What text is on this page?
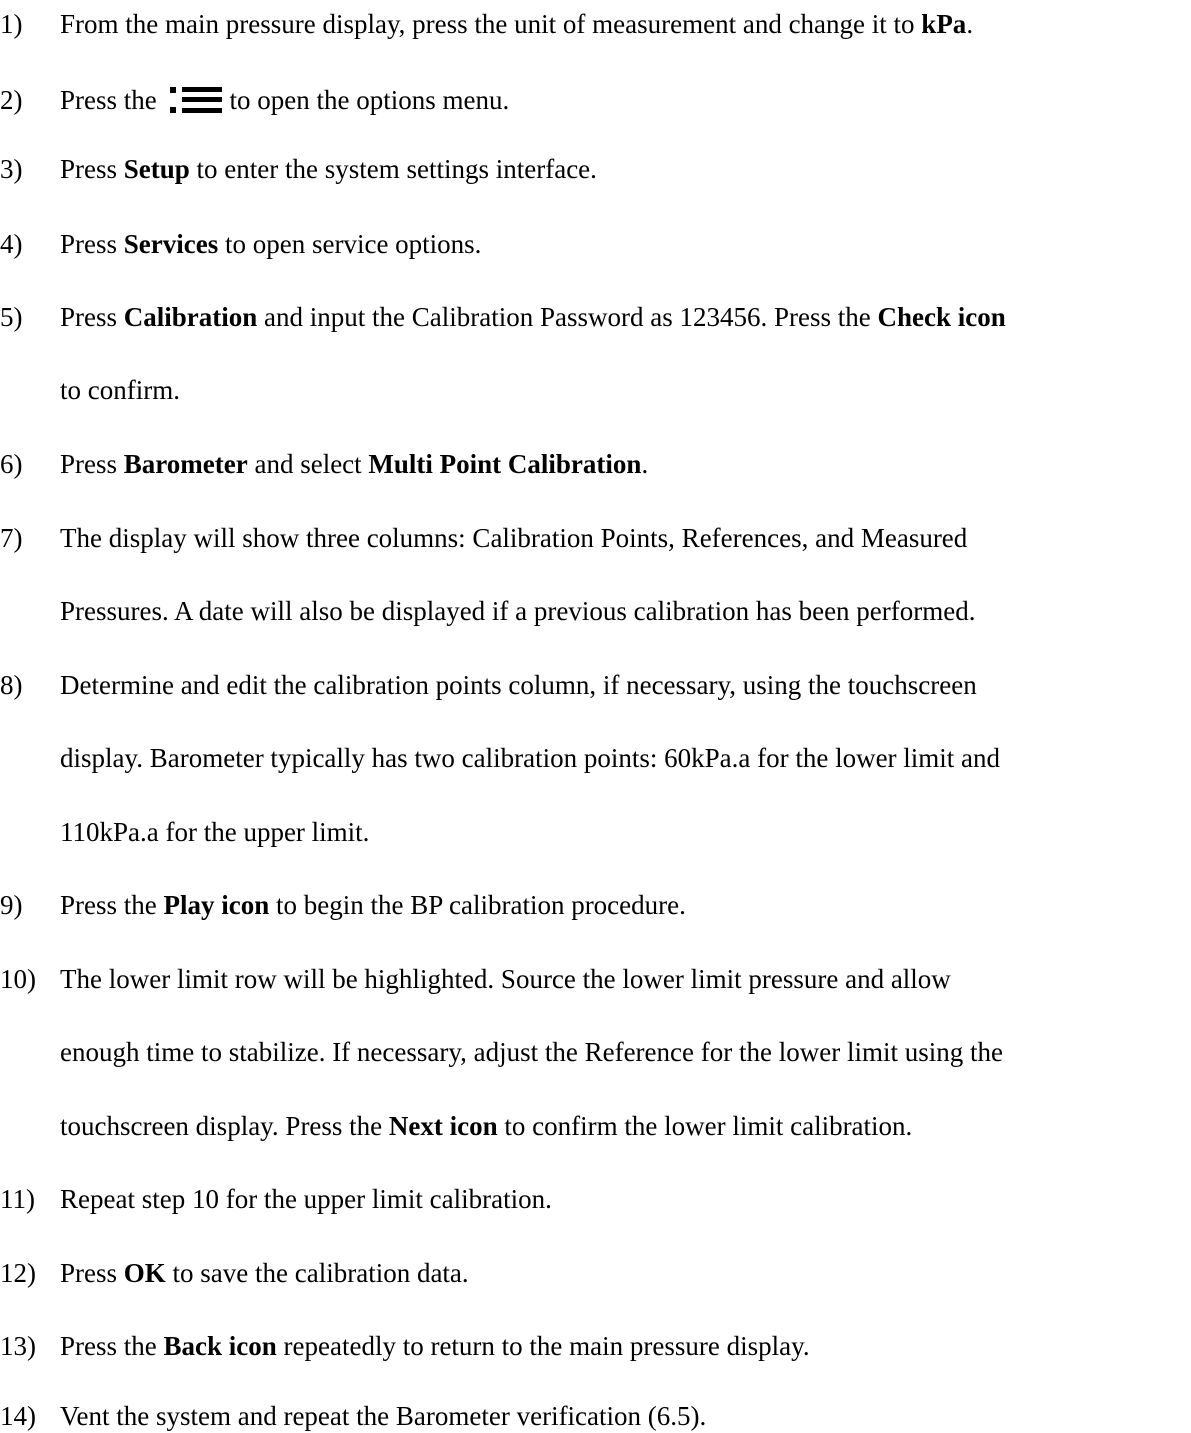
1) From the main pressure display, press the unit of measurement and change it to kPa.
2) Press the
to open the options menu.
3) Press Setup to enter the system settings interface.
4) Press Services to open service options.
5) Press Calibration and input the Calibration Password as 123456. Press the Check icon
to confirm.
6) Press Barometer and select Multi Point Calibration.
7) The display will show three columns: Calibration Points, References, and Measured
Pressures. A date will also be displayed if a previous calibration has been performed.
8) Determine and edit the calibration points column, if necessary, using the touchscreen
display. Barometer typically has two calibration points: 60kPa.a for the lower limit and
110kPa.a for the upper limit.
9) Press the Play icon to begin the BP calibration procedure.
10) The lower limit row will be highlighted. Source the lower limit pressure and allow
enough time to stabilize. If necessary, adjust the Reference for the lower limit using the
touchscreen display. Press the Next icon to confirm the lower limit calibration.
11) Repeat step 10 for the upper limit calibration.
12) Press OK to save the calibration data.
13) Press the Back icon repeatedly to return to the main pressure display.
14) Vent the system and repeat the Barometer verification (6.5).
